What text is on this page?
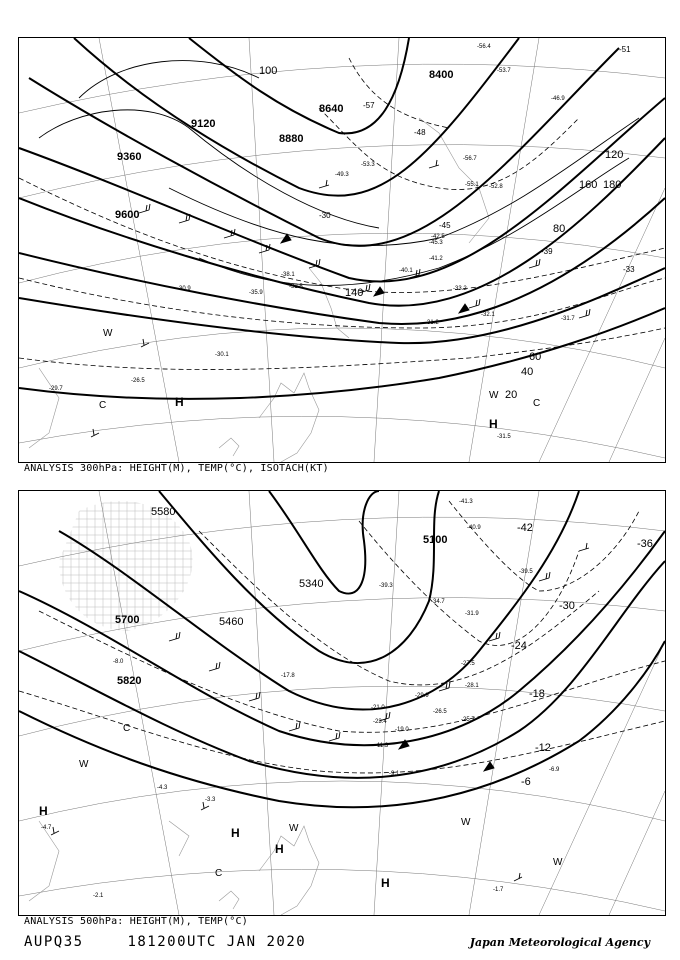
9600
9360
9120
8880
8640
8400
20
40
60
80
100
120
140
160 180
-30
-33
-39
-45
-48
-51
-57
H
H
C
W
W
C
-31.5
-29.7
-32.5
-30.1
-26.5
-31.2
-32.1
-40.1
-41.2
-42.5
-49.3
-53.3
-56.7
-55.1 -52.8
-56.4
-53.7
-46.9
-45.3
-33.2
-31.7
-30.9
-35.9
-38.1
ANALYSIS 300hPa: HEIGHT(M), TEMP(°C), ISOTACH(KT)
5820
5700
5580
5460
5340
5100
-6
-12
-18
-24
-30
-36
-42
H
H
H
H
C
C
W
W
W
W
-2.1
-1.7
-3.3
-4.3
-4.7
-9.1
-11.3
-17.8
-21.0
-23.4
-26.5
-27.5
-29.9
-31.9
-34.7
-39.3
-40.9
-41.3
-39.5
-28.1
-25.7
-19.0
-8.0
-6.9
ANALYSIS 500hPa: HEIGHT(M), TEMP(°C)
AUPQ35	181200UTC JAN 2020	Japan Meteorological Agency
